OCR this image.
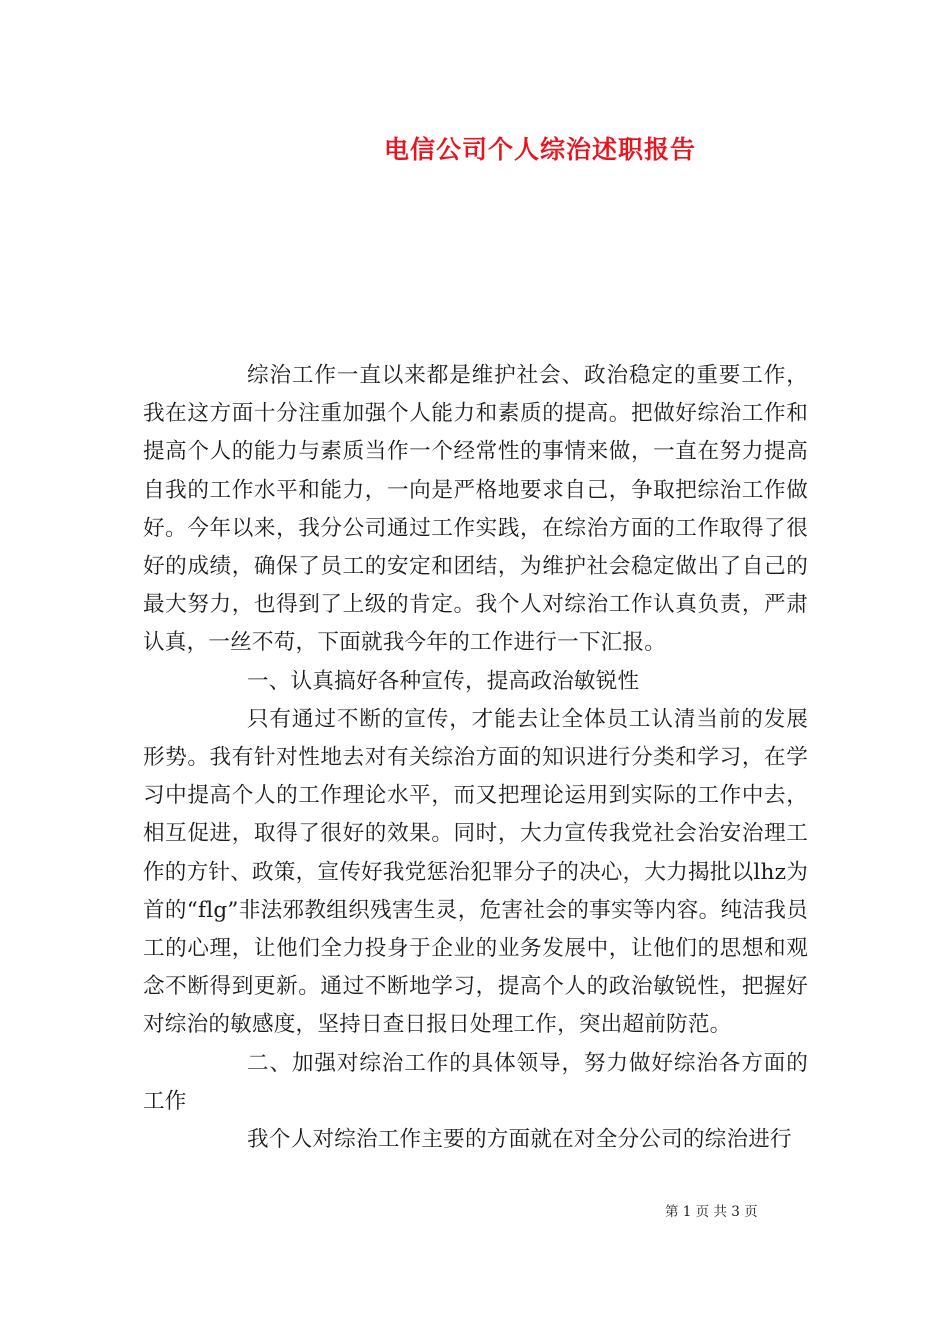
电信公司个人综治述职报告

综治工作一直以来都是维护社会、政治稳定的重要工作，我在这方面十分注重加强个人能力和素质的提高。把做好综治工作和提高个人的能力与素质当作一个经常性的事情来做，一直在努力提高自我的工作水平和能力，一向是严格地要求自己，争取把综治工作做好。今年以来，我分公司通过工作实践，在综治方面的工作取得了很好的成绩，确保了员工的安定和团结，为维护社会稳定做出了自己的最大努力，也得到了上级的肯定。我个人对综治工作认真负责，严肃认真，一丝不苟，下面就我今年的工作进行一下汇报。

一、认真搞好各种宣传，提高政治敏锐性

只有通过不断的宣传，才能去让全体员工认清当前的发展形势。我有针对性地去对有关综治方面的知识进行分类和学习，在学习中提高个人的工作理论水平，而又把理论运用到实际的工作中去，相互促进，取得了很好的效果。同时，大力宣传我党社会治安治理工作的方针、政策，宣传好我党惩治犯罪分子的决心，大力揭批以lhz为首的“flg”非法邪教组织残害生灵，危害社会的事实等内容。纯洁我员工的心理，让他们全力投身于企业的业务发展中，让他们的思想和观念不断得到更新。通过不断地学习，提高个人的政治敏锐性，把握好对综治的敏感度，坚持日查日报日处理工作，突出超前防范。

二、加强对综治工作的具体领导，努力做好综治各方面的工作

我个人对综治工作主要的方面就在对全分公司的综治进行

第 1 页 共 3 页
